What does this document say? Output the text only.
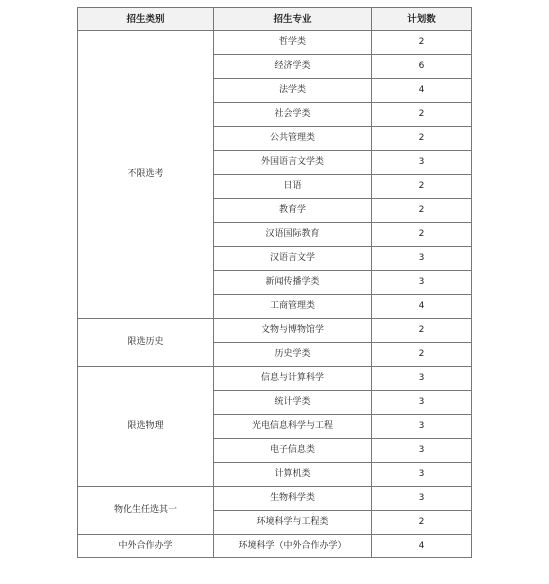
招生类别	招生专业	计划数
不限选考	哲学类	2
	经济学类	6
	法学类	4
	社会学类	2
	公共管理类	2
	外国语言文学类	3
	日语	2
	教育学	2
	汉语国际教育	2
	汉语言文学	3
	新闻传播学类	3
	工商管理类	4
限选历史	文物与博物馆学	2
	历史学类	2
限选物理	信息与计算科学	3
	统计学类	3
	光电信息科学与工程	3
	电子信息类	3
	计算机类	3
物化生任选其一	生物科学类	3
	环境科学与工程类	2
中外合作办学	环境科学（中外合作办学）	4
